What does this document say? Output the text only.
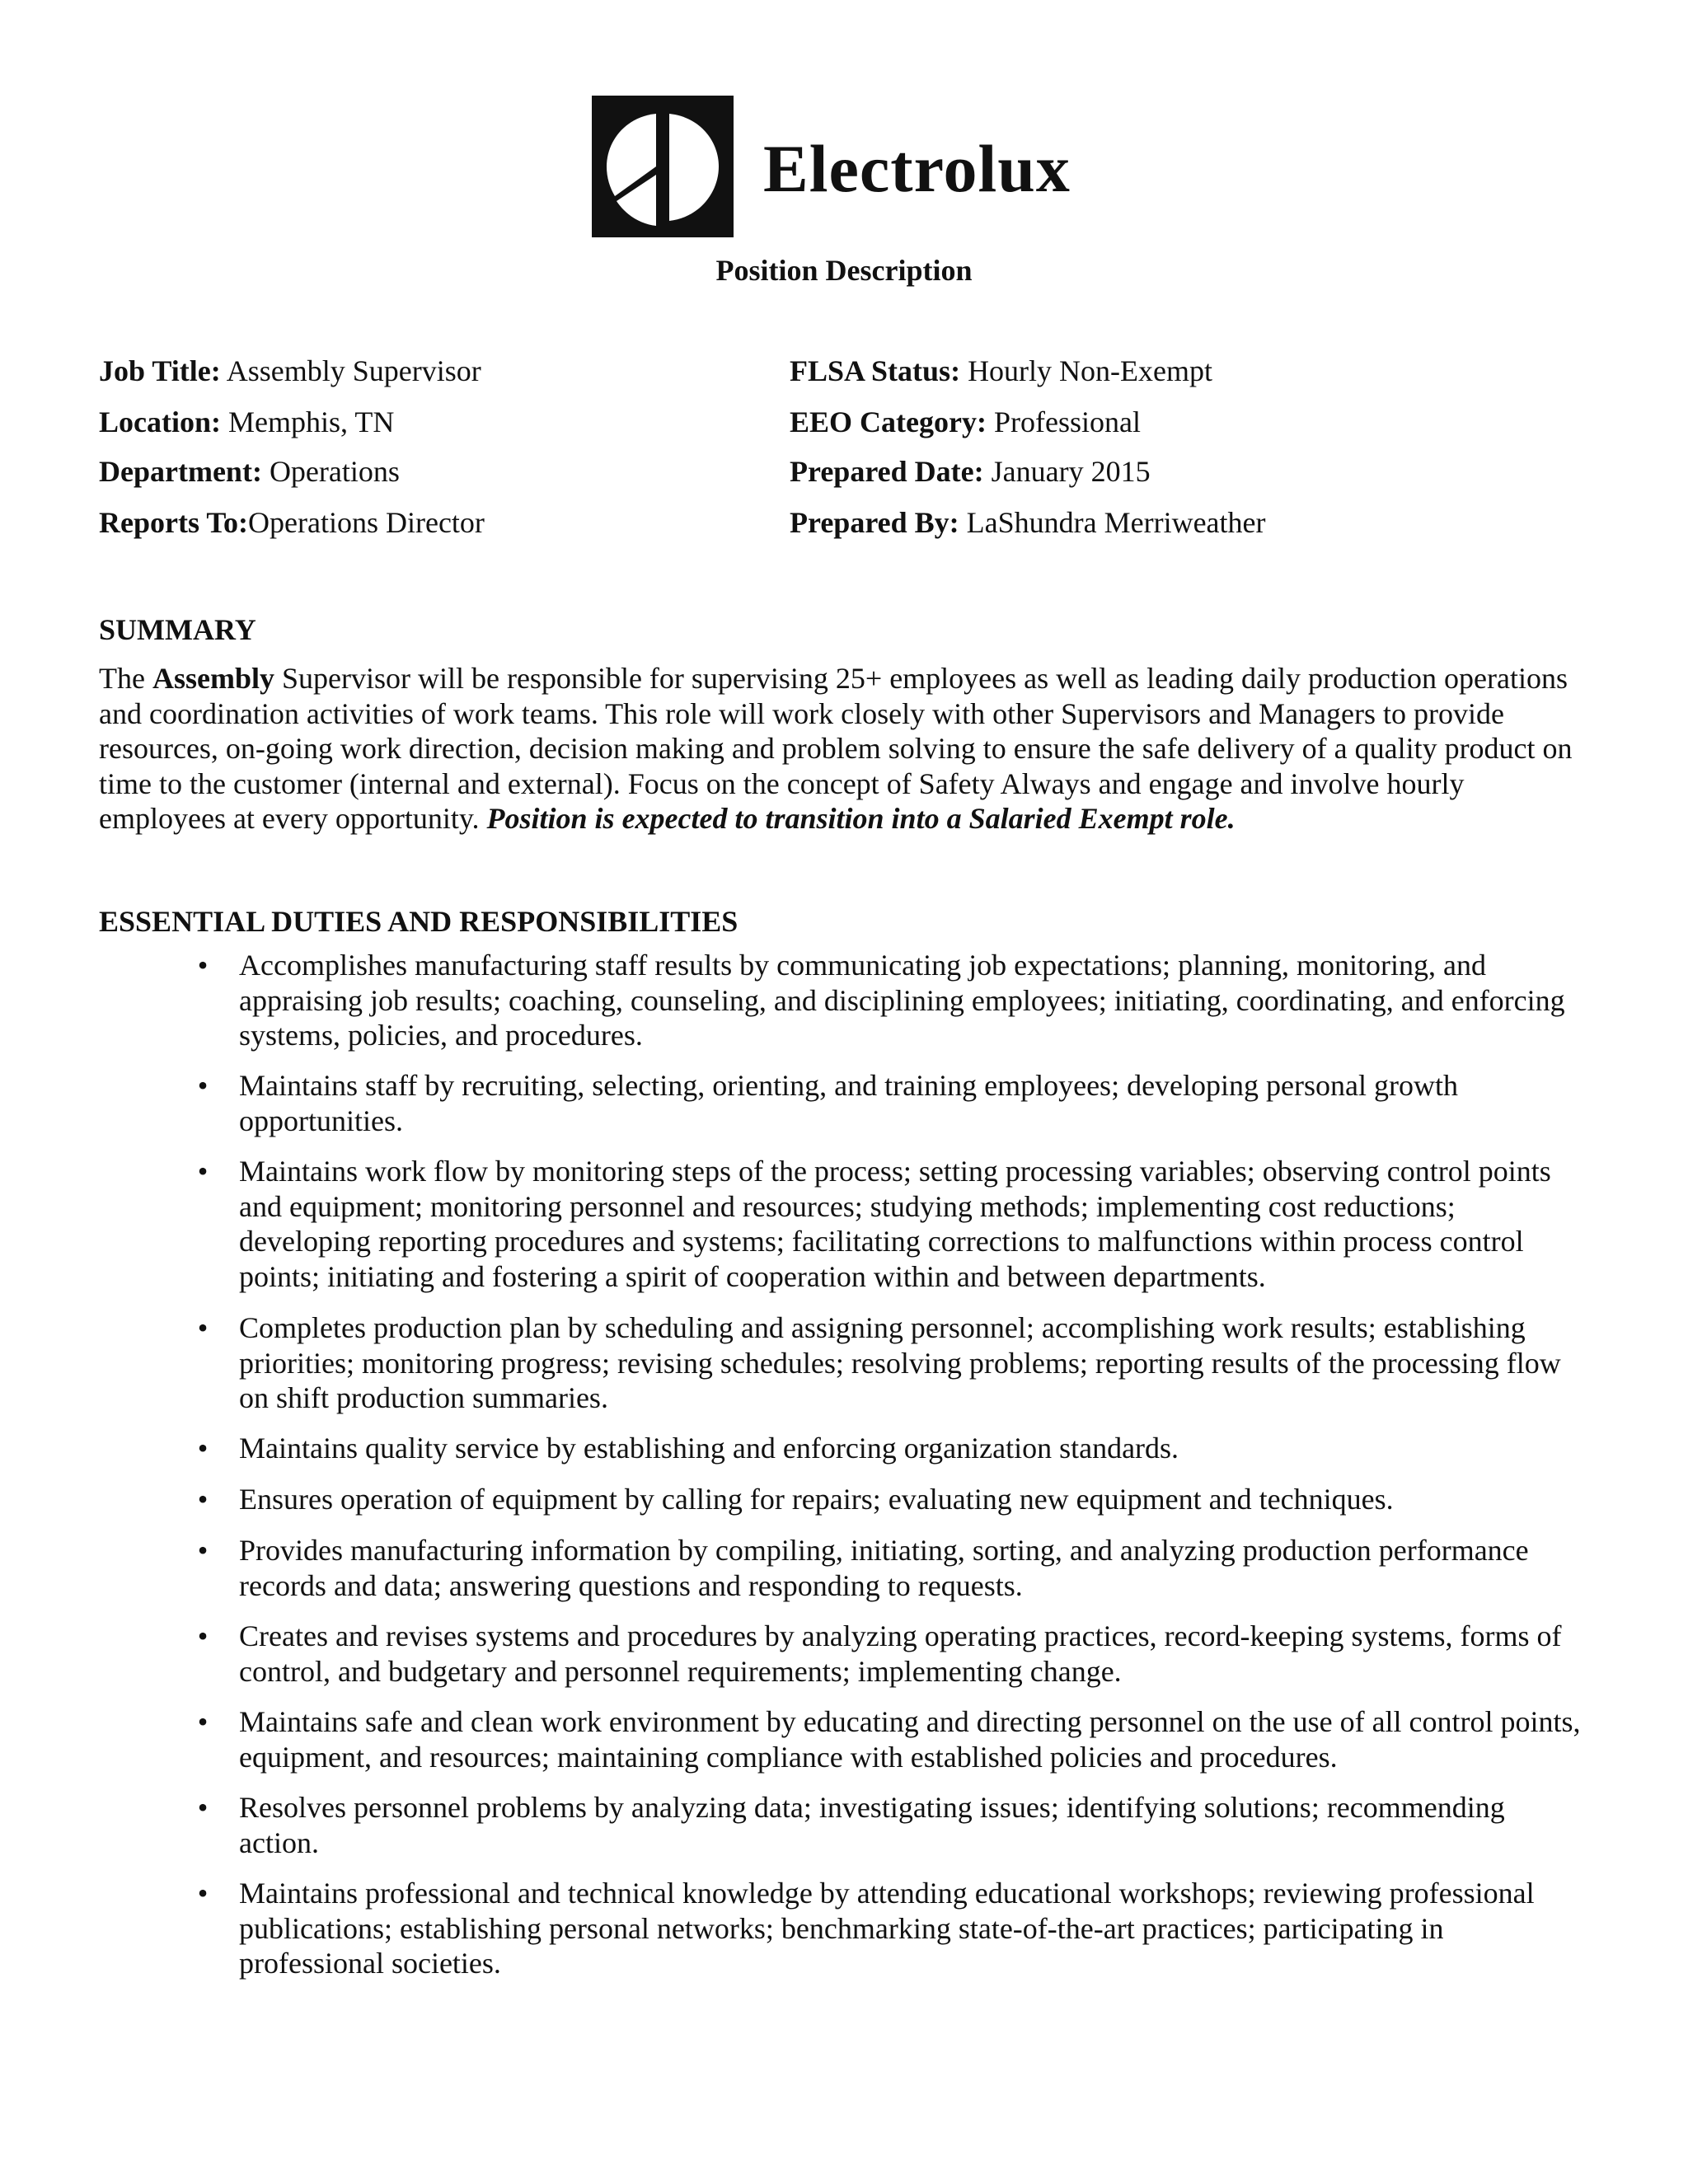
Electrolux
Position Description
Job Title: Assembly Supervisor
Location: Memphis, TN
Department: Operations
Reports To:Operations Director
FLSA Status: Hourly Non-Exempt
EEO Category: Professional
Prepared Date: January 2015
Prepared By: LaShundra Merriweather
SUMMARY
The Assembly Supervisor will be responsible for supervising 25+ employees as well as leading daily production operations and coordination activities of work teams. This role will work closely with other Supervisors and Managers to provide resources, on-going work direction, decision making and problem solving to ensure the safe delivery of a quality product on time to the customer (internal and external). Focus on the concept of Safety Always and engage and involve hourly employees at every opportunity. Position is expected to transition into a Salaried Exempt role.
ESSENTIAL DUTIES AND RESPONSIBILITIES
• Accomplishes manufacturing staff results by communicating job expectations; planning, monitoring, and appraising job results; coaching, counseling, and disciplining employees; initiating, coordinating, and enforcing systems, policies, and procedures.
• Maintains staff by recruiting, selecting, orienting, and training employees; developing personal growth opportunities.
• Maintains work flow by monitoring steps of the process; setting processing variables; observing control points and equipment; monitoring personnel and resources; studying methods; implementing cost reductions; developing reporting procedures and systems; facilitating corrections to malfunctions within process control points; initiating and fostering a spirit of cooperation within and between departments.
• Completes production plan by scheduling and assigning personnel; accomplishing work results; establishing priorities; monitoring progress; revising schedules; resolving problems; reporting results of the processing flow on shift production summaries.
• Maintains quality service by establishing and enforcing organization standards.
• Ensures operation of equipment by calling for repairs; evaluating new equipment and techniques.
• Provides manufacturing information by compiling, initiating, sorting, and analyzing production performance records and data; answering questions and responding to requests.
• Creates and revises systems and procedures by analyzing operating practices, record-keeping systems, forms of control, and budgetary and personnel requirements; implementing change.
• Maintains safe and clean work environment by educating and directing personnel on the use of all control points, equipment, and resources; maintaining compliance with established policies and procedures.
• Resolves personnel problems by analyzing data; investigating issues; identifying solutions; recommending action.
• Maintains professional and technical knowledge by attending educational workshops; reviewing professional publications; establishing personal networks; benchmarking state-of-the-art practices; participating in professional societies.
